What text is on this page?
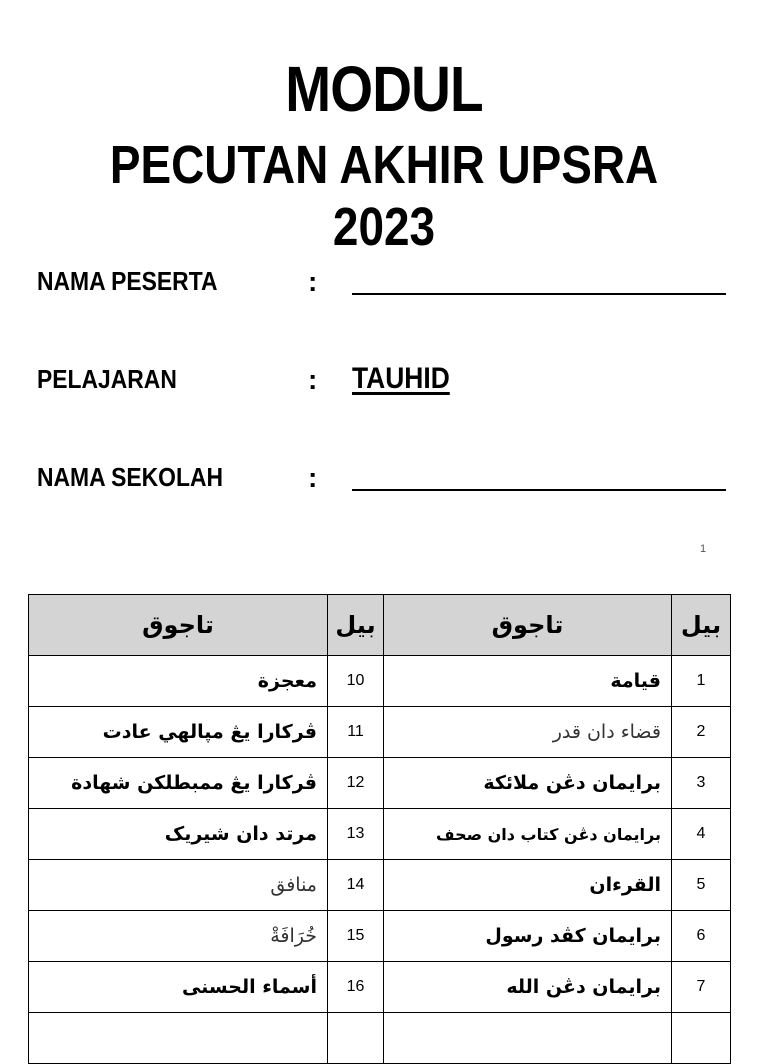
MODUL
PECUTAN AKHIR UPSRA 2023
NAMA PESERTA	:
PELAJARAN	: TAUHID
NAMA SEKOLAH	:
1
تاجوق	بيل	تاجوق	بيل
معجزة	10	قيامة	1
ڤركارا يڠ مپالهي عادت	11	قضاء دان قدر	2
ڤركارا يڠ ممبطلكن شهادة	12	برايمان دڠن ملائكة	3
مرتد دان شيريک	13	برايمان دڠن کتاب دان صحف	4
منافق	14	القرءان	5
خُرَافَةْ	15	برايمان کڤد رسول	6
أسماء الحسنى	16	برايمان دڠن الله	7
